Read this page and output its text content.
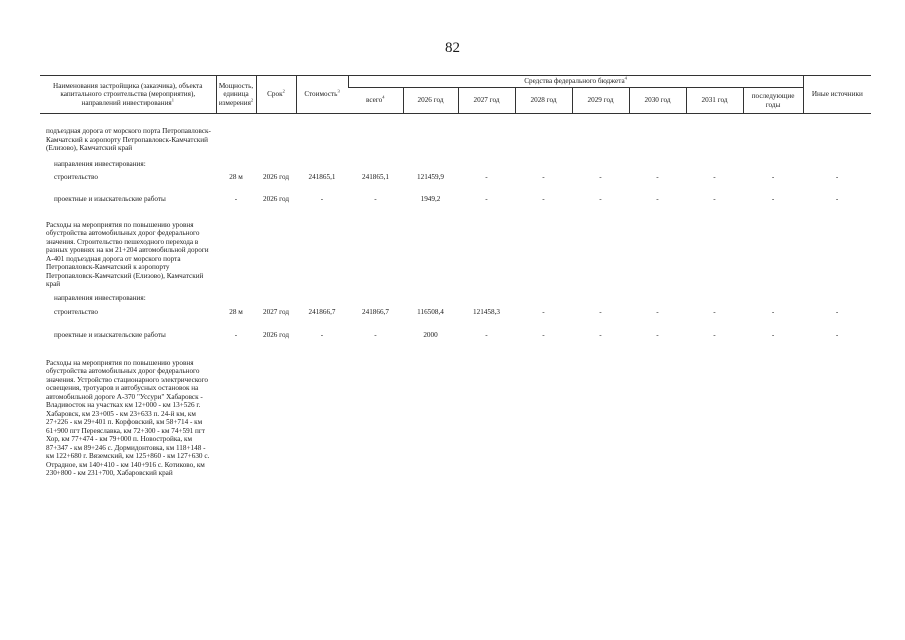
82
Наименования застройщика (заказчика), объекта капитального строительства (мероприятия), направлений инвестирования$^1$	Мощность, единица измерения$^2$	Срок$^2$	Стоимость$^3$	Средства федерального бюджета$^4$								Иные источники
				всего$^4$	2026 год	2027 год	2028 год	2029 год	2030 год	2031 год	последующие годы	

подъездная дорога от морского порта Петропавловск-Камчатский к аэропорту Петропавловск-Камчатский (Елизово), Камчатский край												
направления инвестирования:												
строительство	28 м	2026 год	241865,1	241865,1	121459,9	-	-	-	-	-	-	-
проектные и изыскательские работы	-	2026 год	-	-	1949,2	-	-	-	-	-	-	-
Расходы на мероприятия по повышению уровня обустройства автомобильных дорог федерального значения. Строительство пешеходного перехода в разных уровнях на км 21+204 автомобильной дороги А-401 подъездная дорога от морского порта Петропавловск-Камчатский к аэропорту Петропавловск-Камчатский (Елизово), Камчатский край												
направления инвестирования:												
строительство	28 м	2027 год	241866,7	241866,7	116508,4	121458,3	-	-	-	-	-	-
проектные и изыскательские работы	-	2026 год	-	-	2000	-	-	-	-	-	-	-
Расходы на мероприятия по повышению уровня обустройства автомобильных дорог федерального значения. Устройство стационарного электрического освещения, тротуаров и автобусных остановок на автомобильной дороге А-370 "Уссури" Хабаровск - Владивосток на участках км 12+000 - км 13+526 г. Хабаровск, км 23+005 - км 23+633 п. 24-й км, км 27+226 - км 29+401 п. Корфовский, км 58+714 - км 61+900 пгт Переяславка, км 72+300 - км 74+591 пгт Хор, км 77+474 - км 79+000 п. Новостройка, км 87+347 - км 89+246 с. Дормидонтовка, км 118+148 - км 122+680 г. Вяземский, км 125+860 - км 127+630 с. Отрадное, км 140+410 - км 140+916 с. Котиково, км 230+800 - км 231+700, Хабаровский край												
